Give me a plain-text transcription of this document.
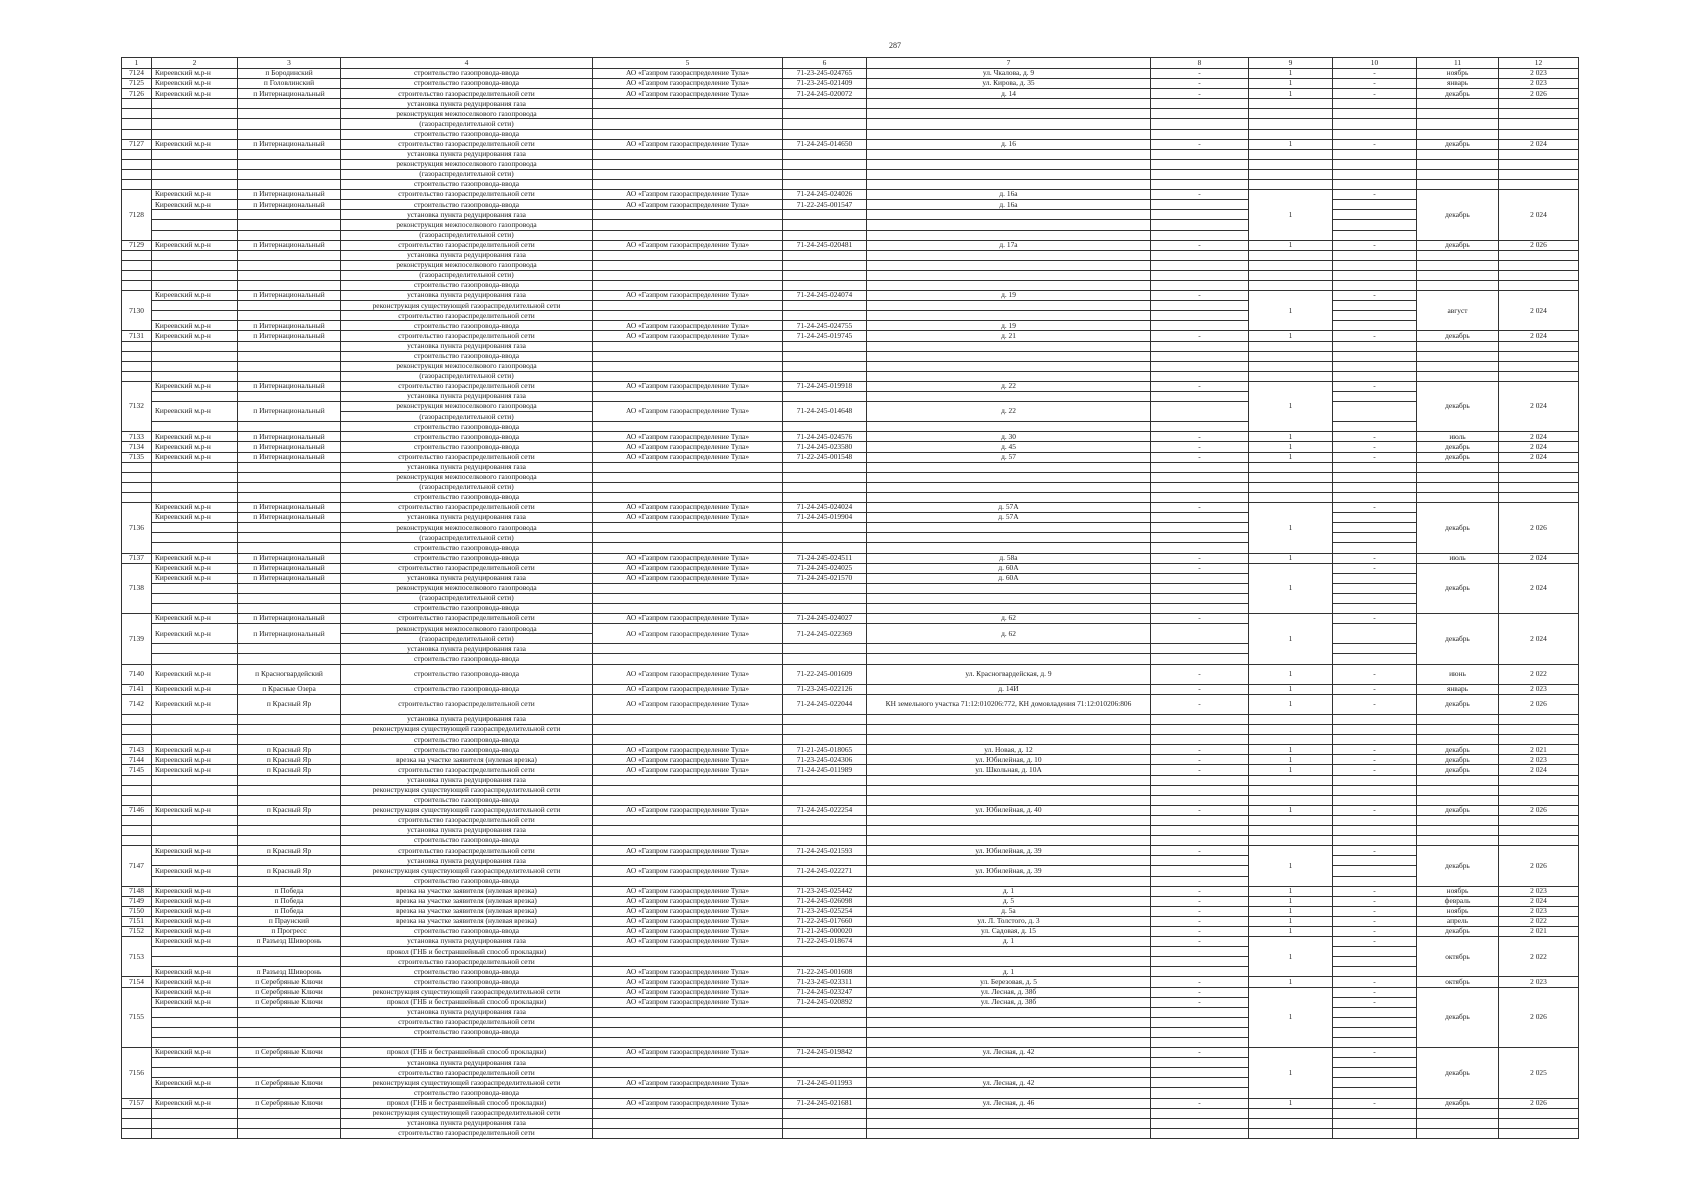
287
1	2	3	4	5	6	7	8	9	10	11	12
7124	Киреевский м.р-н	п Бородинский	строительство газопровода-ввода	АО «Газпром газораспределение Тула»	71-23-245-024765	ул. Чкалова, д. 9	-	1	-	ноябрь	2 023
7125	Киреевский м.р-н	п Головлинский	строительство газопровода-ввода	АО «Газпром газораспределение Тула»	71-23-245-021409	ул. Кирова, д. 35	-	1	-	январь	2 023
7126	Киреевский м.р-н	п Интернациональный	строительство газораспределительной сети	АО «Газпром газораспределение Тула»	71-24-245-020072	д. 14	-	1	-	декабрь	2 026
			установка пункта редуцирования газа								
			реконструкция межпоселкового газопровода								
			(газораспределительной сети)								
			строительство газопровода-ввода								
7127	Киреевский м.р-н	п Интернациональный	строительство газораспределительной сети	АО «Газпром газораспределение Тула»	71-24-245-014650	д. 16	-	1	-	декабрь	2 024
			установка пункта редуцирования газа								
			реконструкция межпоселкового газопровода								
			(газораспределительной сети)								
			строительство газопровода-ввода								
7128	Киреевский м.р-н	п Интернациональный	строительство газораспределительной сети	АО «Газпром газораспределение Тула»	71-24-245-024026	д. 16а	-	1	-	декабрь	2 024
	Киреевский м.р-н	п Интернациональный	строительство газопровода-ввода	АО «Газпром газораспределение Тула»	71-22-245-001547	д. 16а					
			установка пункта редуцирования газа								
			реконструкция межпоселкового газопровода								
			(газораспределительной сети)								
7129	Киреевский м.р-н	п Интернациональный	строительство газораспределительной сети	АО «Газпром газораспределение Тула»	71-24-245-020481	д. 17а	-	1	-	декабрь	2 026
			установка пункта редуцирования газа								
			реконструкция межпоселкового газопровода								
			(газораспределительной сети)								
			строительство газопровода-ввода								
7130	Киреевский м.р-н	п Интернациональный	установка пункта редуцирования газа	АО «Газпром газораспределение Тула»	71-24-245-024074	д. 19	-	1	-	август	2 024
			реконструкция существующей газораспределительной сети								
			строительство газораспределительной сети								
	Киреевский м.р-н	п Интернациональный	строительство газопровода-ввода	АО «Газпром газораспределение Тула»	71-24-245-024755	д. 19					
7131	Киреевский м.р-н	п Интернациональный	строительство газораспределительной сети	АО «Газпром газораспределение Тула»	71-24-245-019745	д. 21	-	1	-	декабрь	2 024
			установка пункта редуцирования газа								
			строительство газопровода-ввода								
			реконструкция межпоселкового газопровода								
			(газораспределительной сети)								
7132	Киреевский м.р-н	п Интернациональный	строительство газораспределительной сети	АО «Газпром газораспределение Тула»	71-24-245-019918	д. 22	-	1	-	декабрь	2 024
			установка пункта редуцирования газа								
	Киреевский м.р-н	п Интернациональный	реконструкция межпоселкового газопровода	АО «Газпром газораспределение Тула»	71-24-245-014648	д. 22					
			(газораспределительной сети)								
			строительство газопровода-ввода								
7133	Киреевский м.р-н	п Интернациональный	строительство газопровода-ввода	АО «Газпром газораспределение Тула»	71-24-245-024576	д. 30	-	1	-	июль	2 024
7134	Киреевский м.р-н	п Интернациональный	строительство газопровода-ввода	АО «Газпром газораспределение Тула»	71-24-245-023580	д. 45	-	1	-	декабрь	2 024
7135	Киреевский м.р-н	п Интернациональный	строительство газораспределительной сети	АО «Газпром газораспределение Тула»	71-22-245-001548	д. 57	-	1	-	декабрь	2 024
			установка пункта редуцирования газа								
			реконструкция межпоселкового газопровода								
			(газораспределительной сети)								
			строительство газопровода-ввода								
7136	Киреевский м.р-н	п Интернациональный	строительство газораспределительной сети	АО «Газпром газораспределение Тула»	71-24-245-024024	д. 57А	-	1	-	декабрь	2 026
	Киреевский м.р-н	п Интернациональный	установка пункта редуцирования газа	АО «Газпром газораспределение Тула»	71-24-245-019904	д. 57А					
			реконструкция межпоселкового газопровода								
			(газораспределительной сети)								
			строительство газопровода-ввода								
7137	Киреевский м.р-н	п Интернациональный	строительство газопровода-ввода	АО «Газпром газораспределение Тула»	71-24-245-024511	д. 58а	-	1	-	июль	2 024
7138	Киреевский м.р-н	п Интернациональный	строительство газораспределительной сети	АО «Газпром газораспределение Тула»	71-24-245-024025	д. 60А	-	1	-	декабрь	2 024
	Киреевский м.р-н	п Интернациональный	установка пункта редуцирования газа	АО «Газпром газораспределение Тула»	71-24-245-021570	д. 60А					
			реконструкция межпоселкового газопровода								
			(газораспределительной сети)								
			строительство газопровода-ввода								
7139	Киреевский м.р-н	п Интернациональный	строительство газораспределительной сети	АО «Газпром газораспределение Тула»	71-24-245-024027	д. 62	-	1	-	декабрь	2 024
	Киреевский м.р-н	п Интернациональный	реконструкция межпоселкового газопровода	АО «Газпром газораспределение Тула»	71-24-245-022369	д. 62					
			(газораспределительной сети)								
			установка пункта редуцирования газа								
			строительство газопровода-ввода								
7140	Киреевский м.р-н	п Красногвардейский	строительство газопровода-ввода	АО «Газпром газораспределение Тула»	71-22-245-001609	ул. Красногвардейская, д. 9	-	1	-	июнь	2 022
7141	Киреевский м.р-н	п Красные Озера	строительство газопровода-ввода	АО «Газпром газораспределение Тула»	71-23-245-022126	д. 14И	-	1	-	январь	2 023
7142	Киреевский м.р-н	п Красный Яр	строительство газораспределительной сети	АО «Газпром газораспределение Тула»	71-24-245-022044	КН земельного участка 71:12:010206:772, КН домовладения 71:12:010206:806	-	1	-	декабрь	2 026
			установка пункта редуцирования газа								
			реконструкция существующей газораспределительной сети								
			строительство газопровода-ввода								
7143	Киреевский м.р-н	п Красный Яр	строительство газопровода-ввода	АО «Газпром газораспределение Тула»	71-21-245-018065	ул. Новая, д. 12	-	1	-	декабрь	2 021
7144	Киреевский м.р-н	п Красный Яр	врезка на участке заявителя (нулевая врезка)	АО «Газпром газораспределение Тула»	71-23-245-024306	ул. Юбилейная, д. 10	-	1	-	декабрь	2 023
7145	Киреевский м.р-н	п Красный Яр	строительство газораспределительной сети	АО «Газпром газораспределение Тула»	71-24-245-011989	ул. Школьная, д. 10А	-	1	-	декабрь	2 024
			установка пункта редуцирования газа								
			реконструкция существующей газораспределительной сети								
			строительство газопровода-ввода								
7146	Киреевский м.р-н	п Красный Яр	реконструкция существующей газораспределительной сети	АО «Газпром газораспределение Тула»	71-24-245-022254	ул. Юбилейная, д. 40	-	1	-	декабрь	2 026
			строительство газораспределительной сети								
			установка пункта редуцирования газа								
			строительство газопровода-ввода								
7147	Киреевский м.р-н	п Красный Яр	строительство газораспределительной сети	АО «Газпром газораспределение Тула»	71-24-245-021593	ул. Юбилейная, д. 39	-	1	-	декабрь	2 026
			установка пункта редуцирования газа								
	Киреевский м.р-н	п Красный Яр	реконструкция существующей газораспределительной сети	АО «Газпром газораспределение Тула»	71-24-245-022271	ул. Юбилейная, д. 39					
			строительство газопровода-ввода								
7148	Киреевский м.р-н	п Победа	врезка на участке заявителя (нулевая врезка)	АО «Газпром газораспределение Тула»	71-23-245-025442	д. 1	-	1	-	ноябрь	2 023
7149	Киреевский м.р-н	п Победа	врезка на участке заявителя (нулевая врезка)	АО «Газпром газораспределение Тула»	71-24-245-026098	д. 5	-	1	-	февраль	2 024
7150	Киреевский м.р-н	п Победа	врезка на участке заявителя (нулевая врезка)	АО «Газпром газораспределение Тула»	71-23-245-025254	д. 5а	-	1	-	ноябрь	2 023
7151	Киреевский м.р-н	п Праунский	врезка на участке заявителя (нулевая врезка)	АО «Газпром газораспределение Тула»	71-22-245-017660	ул. Л. Толстого, д. 3	-	1	-	апрель	2 022
7152	Киреевский м.р-н	п Прогресс	строительство газопровода-ввода	АО «Газпром газораспределение Тула»	71-21-245-000020	ул. Садовая, д. 15	-	1	-	декабрь	2 021
7153	Киреевский м.р-н	п Разъезд Шиворонь	установка пункта редуцирования газа	АО «Газпром газораспределение Тула»	71-22-245-018674	д. 1	-	1	-	октябрь	2 022
			прокол (ГНБ и бестраншейный способ прокладки)								
			строительство газораспределительной сети								
	Киреевский м.р-н	п Разъезд Шиворонь	строительство газопровода-ввода	АО «Газпром газораспределение Тула»	71-22-245-001608	д. 1					
7154	Киреевский м.р-н	п Серебряные Ключи	строительство газопровода-ввода	АО «Газпром газораспределение Тула»	71-23-245-023311	ул. Березовая, д. 5	-	1	-	октябрь	2 023
7155	Киреевский м.р-н	п Серебряные Ключи	реконструкция существующей газораспределительной сети	АО «Газпром газораспределение Тула»	71-24-245-023247	ул. Лесная, д. 38б	-	1	-	декабрь	2 026
	Киреевский м.р-н	п Серебряные Ключи	прокол (ГНБ и бестраншейный способ прокладки)	АО «Газпром газораспределение Тула»	71-24-245-020892	ул. Лесная, д. 38б	-		-		
			установка пункта редуцирования газа								
			строительство газораспределительной сети								
			строительство газопровода-ввода								

7156	Киреевский м.р-н	п Серебряные Ключи	прокол (ГНБ и бестраншейный способ прокладки)	АО «Газпром газораспределение Тула»	71-24-245-019842	ул. Лесная, д. 42	-	1	-	декабрь	2 025
			установка пункта редуцирования газа								
			строительство газораспределительной сети								
	Киреевский м.р-н	п Серебряные Ключи	реконструкция существующей газораспределительной сети	АО «Газпром газораспределение Тула»	71-24-245-011993	ул. Лесная, д. 42					
			строительство газопровода-ввода								
7157	Киреевский м.р-н	п Серебряные Ключи	прокол (ГНБ и бестраншейный способ прокладки)	АО «Газпром газораспределение Тула»	71-24-245-021681	ул. Лесная, д. 46	-	1	-	декабрь	2 026
			реконструкция существующей газораспределительной сети								
			установка пункта редуцирования газа								
			строительство газораспределительной сети								
